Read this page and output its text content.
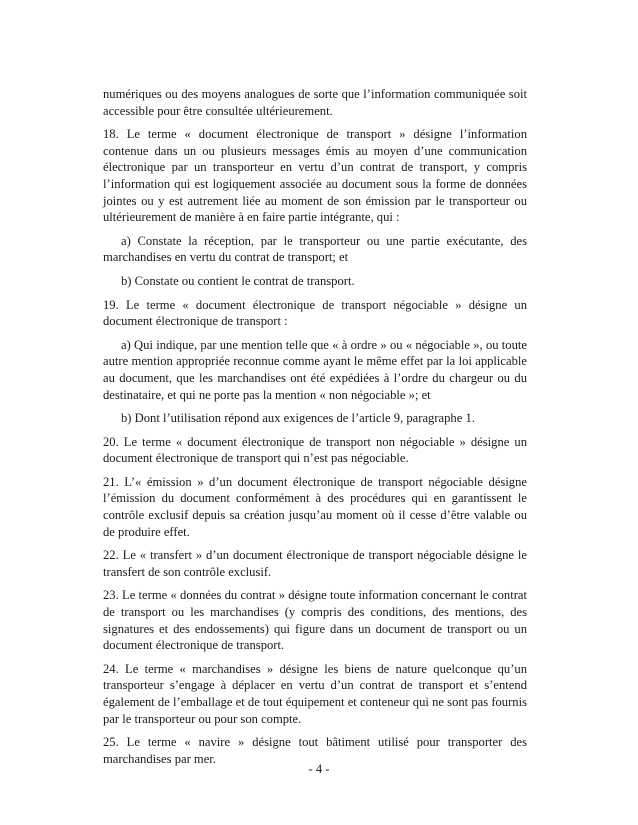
numériques ou des moyens analogues de sorte que l’information communiquée soit accessible pour être consultée ultérieurement.

18. Le terme « document électronique de transport » désigne l’information contenue dans un ou plusieurs messages émis au moyen d’une communication électronique par un transporteur en vertu d’un contrat de transport, y compris l’information qui est logiquement associée au document sous la forme de données jointes ou y est autrement liée au moment de son émission par le transporteur ou ultérieurement de manière à en faire partie intégrante, qui :

a) Constate la réception, par le transporteur ou une partie exécutante, des marchandises en vertu du contrat de transport; et

b) Constate ou contient le contrat de transport.

19. Le terme « document électronique de transport négociable » désigne un document électronique de transport :

a) Qui indique, par une mention telle que « à ordre » ou « négociable », ou toute autre mention appropriée reconnue comme ayant le même effet par la loi applicable au document, que les marchandises ont été expédiées à l’ordre du chargeur ou du destinataire, et qui ne porte pas la mention « non négociable »; et

b) Dont l’utilisation répond aux exigences de l’article 9, paragraphe 1.

20. Le terme « document électronique de transport non négociable » désigne un document électronique de transport qui n’est pas négociable.

21. L’« émission » d’un document électronique de transport négociable désigne l’émission du document conformément à des procédures qui en garantissent le contrôle exclusif depuis sa création jusqu’au moment où il cesse d’être valable ou de produire effet.

22. Le « transfert » d’un document électronique de transport négociable désigne le transfert de son contrôle exclusif.

23. Le terme « données du contrat » désigne toute information concernant le contrat de transport ou les marchandises (y compris des conditions, des mentions, des signatures et des endossements) qui figure dans un document de transport ou un document électronique de transport.

24. Le terme « marchandises » désigne les biens de nature quelconque qu’un transporteur s’engage à déplacer en vertu d’un contrat de transport et s’entend également de l’emballage et de tout équipement et conteneur qui ne sont pas fournis par le transporteur ou pour son compte.

25. Le terme « navire » désigne tout bâtiment utilisé pour transporter des marchandises par mer.

- 4 -
